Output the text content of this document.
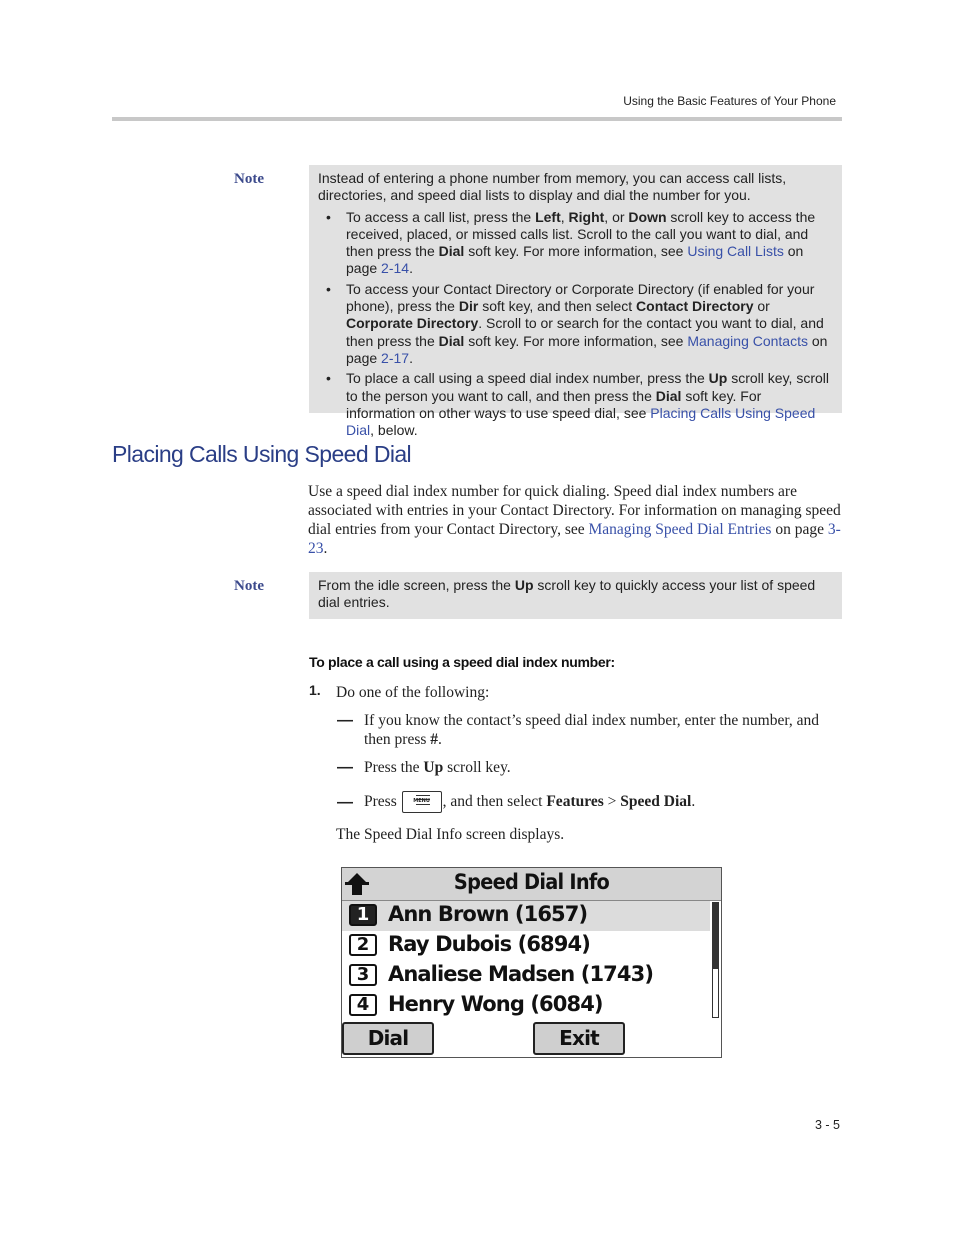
Using the Basic Features of Your Phone
Note	Instead of entering a phone number from memory, you can access call lists, directories, and speed dial lists to display and dial the number for you.

• To access a call list, press the Left, Right, or Down scroll key to access the received, placed, or missed calls list. Scroll to the call you want to dial, and then press the Dial soft key. For more information, see Using Call Lists on page 2-14.
• To access your Contact Directory or Corporate Directory (if enabled for your phone), press the Dir soft key, and then select Contact Directory or Corporate Directory. Scroll to or search for the contact you want to dial, and then press the Dial soft key. For more information, see Managing Contacts on page 2-17.
• To place a call using a speed dial index number, press the Up scroll key, scroll to the person you want to call, and then press the Dial soft key. For information on other ways to use speed dial, see Placing Calls Using Speed Dial, below.
Placing Calls Using Speed Dial
Use a speed dial index number for quick dialing. Speed dial index numbers are associated with entries in your Contact Directory. For information on managing speed dial entries from your Contact Directory, see Managing Speed Dial Entries on page 3-23.
Note	From the idle screen, press the Up scroll key to quickly access your list of speed dial entries.

To place a call using a speed dial index number:
1. Do one of the following:
— If you know the contact’s speed dial index number, enter the number, and then press #.
— Press the Up scroll key.
— Press	MENU , and then select Features > Speed Dial.
The Speed Dial Info screen displays.
Speed Dial Info
1 Ann Brown (1657)
2 Ray Dubois (6894)
3 Analiese Madsen (1743)
4 Henry Wong (6084)
Dial	Exit
3 - 5
